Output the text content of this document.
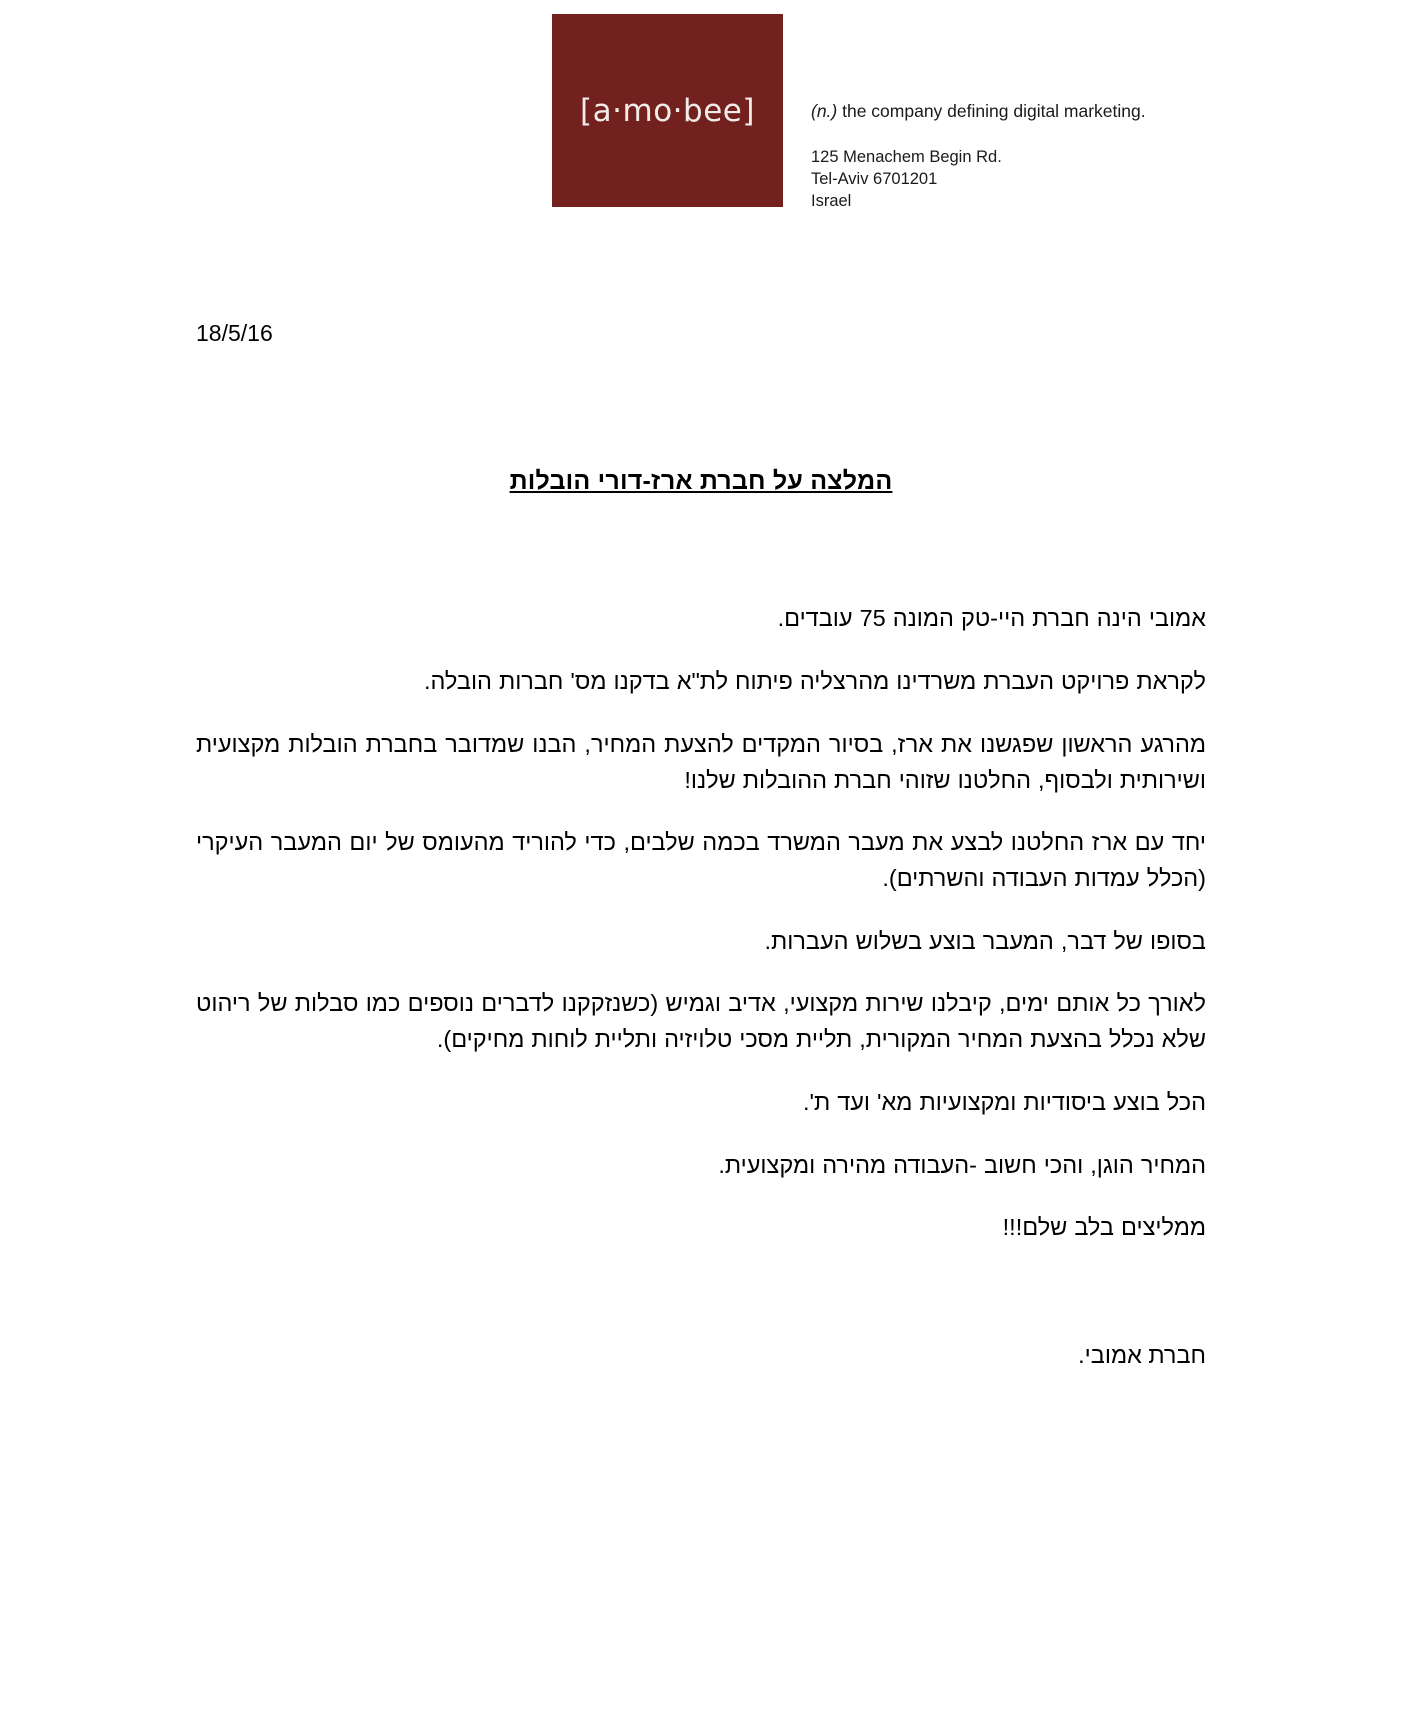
[a·mo·bee]	(n.) the company defining digital marketing.
125 Menachem Begin Rd.
Tel-Aviv 6701201
Israel
18/5/16
המלצה על חברת ארז-דורי הובלות

אמובי הינה חברת היי-טק המונה 75 עובדים.

לקראת פרויקט העברת משרדינו מהרצליה פיתוח לת"א בדקנו מס' חברות הובלה.

מהרגע הראשון שפגשנו את ארז, בסיור המקדים להצעת המחיר, הבנו שמדובר בחברת הובלות מקצועית ושירותית ולבסוף, החלטנו שזוהי חברת ההובלות שלנו!

יחד עם ארז החלטנו לבצע את מעבר המשרד בכמה שלבים, כדי להוריד מהעומס של יום המעבר העיקרי (הכלל עמדות העבודה והשרתים).

בסופו של דבר, המעבר בוצע בשלוש העברות.

לאורך כל אותם ימים, קיבלנו שירות מקצועי, אדיב וגמיש (כשנזקקנו לדברים נוספים כמו סבלות של ריהוט שלא נכלל בהצעת המחיר המקורית, תליית מסכי טלויזיה ותליית לוחות מחיקים).

הכל בוצע ביסודיות ומקצועיות מא' ועד ת'.

המחיר הוגן, והכי חשוב -העבודה מהירה ומקצועית.

ממליצים בלב שלם!!!

חברת אמובי.
